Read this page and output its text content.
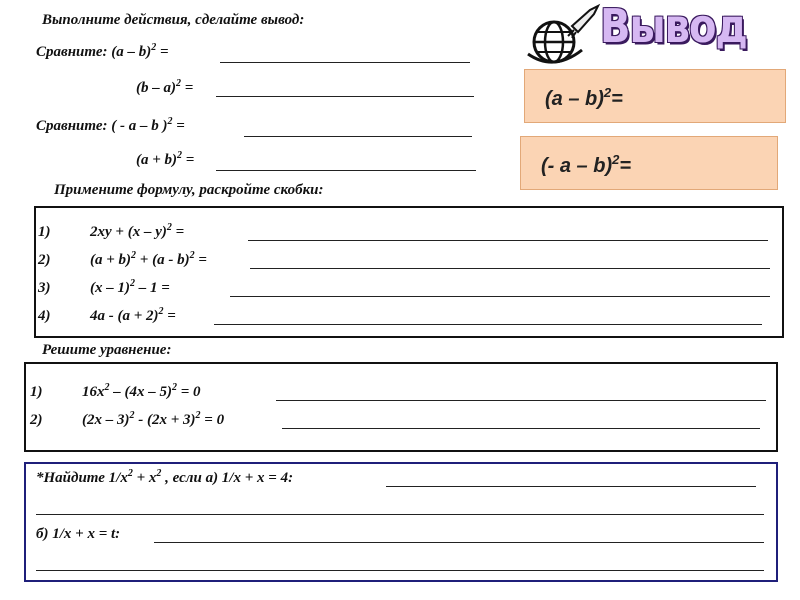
Выполните действия, сделайте вывод:
Сравните: (a – b)$^2$ =
(b – a)$^2$ =
Сравните: ( - a – b )$^2$ =
$(a + b)^2$ =
Вывод
(a – b)$^2$=
(- a – b)$^2$=
Примените формулу, раскройте скобки:
1)	2xy + (x – y)$^2$ =
2)	$(a + b)^2 + (a - b)^2$ =
3)	(x – 1)$^2$ – 1 =
4)	$4a - (a + 2)^2$ =
Решите уравнение:
1)	$16x^2 - (4x - 5)^2 = 0$
2)	$(2x - 3)^2 - (2x + 3)^2 = 0$
*Найдите $1/x^2 + x^2$ , если а) 1/x + x = 4:
б) 1/x + x = t:
